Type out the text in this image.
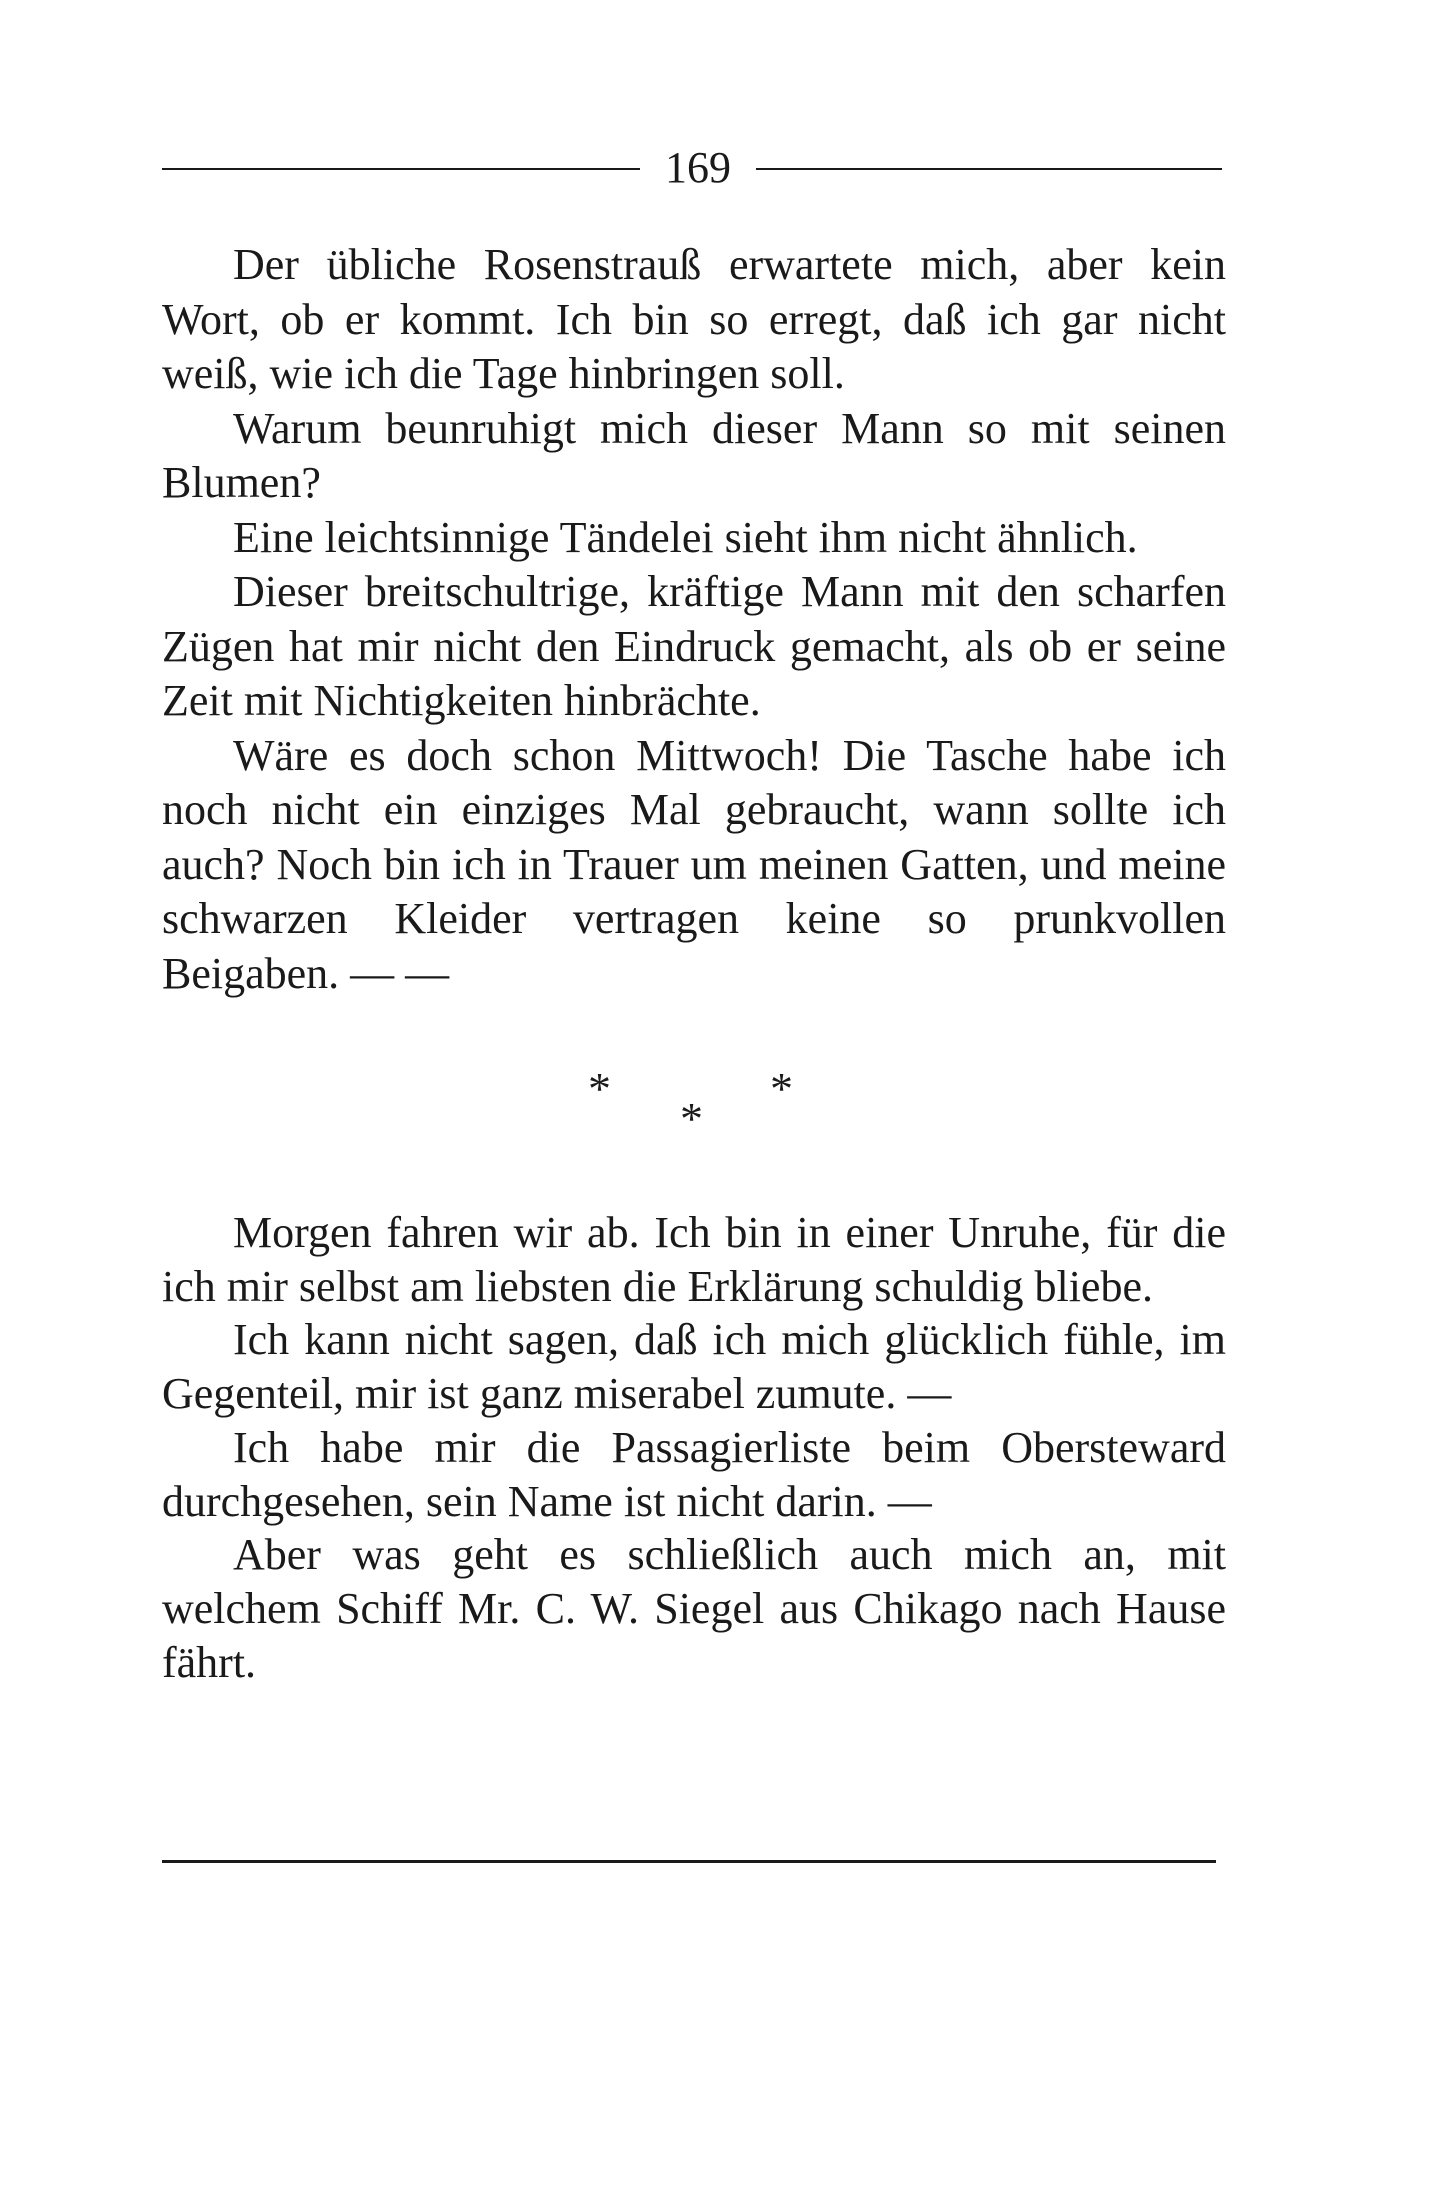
169

Der übliche Rosenstrauß erwartete mich, aber kein Wort, ob er kommt. Ich bin so erregt, daß ich gar nicht weiß, wie ich die Tage hinbringen soll.

Warum beunruhigt mich dieser Mann so mit seinen Blumen?

Eine leichtsinnige Tändelei sieht ihm nicht ähnlich.

Dieser breitschultrige, kräftige Mann mit den scharfen Zügen hat mir nicht den Eindruck gemacht, als ob er seine Zeit mit Nichtigkeiten hinbrächte.

Wäre es doch schon Mittwoch! Die Tasche habe ich noch nicht ein einziges Mal gebraucht, wann sollte ich auch? Noch bin ich in Trauer um meinen Gatten, und meine schwarzen Kleider vertragen keine so prunkvollen Beigaben. — —

*	*
*

Morgen fahren wir ab. Ich bin in einer Unruhe, für die ich mir selbst am liebsten die Erklärung schuldig bliebe.

Ich kann nicht sagen, daß ich mich glücklich fühle, im Gegenteil, mir ist ganz miserabel zumute. —

Ich habe mir die Passagierliste beim Obersteward durchgesehen, sein Name ist nicht darin. —

Aber was geht es schließlich auch mich an, mit welchem Schiff Mr. C. W. Siegel aus Chikago nach Hause fährt.
